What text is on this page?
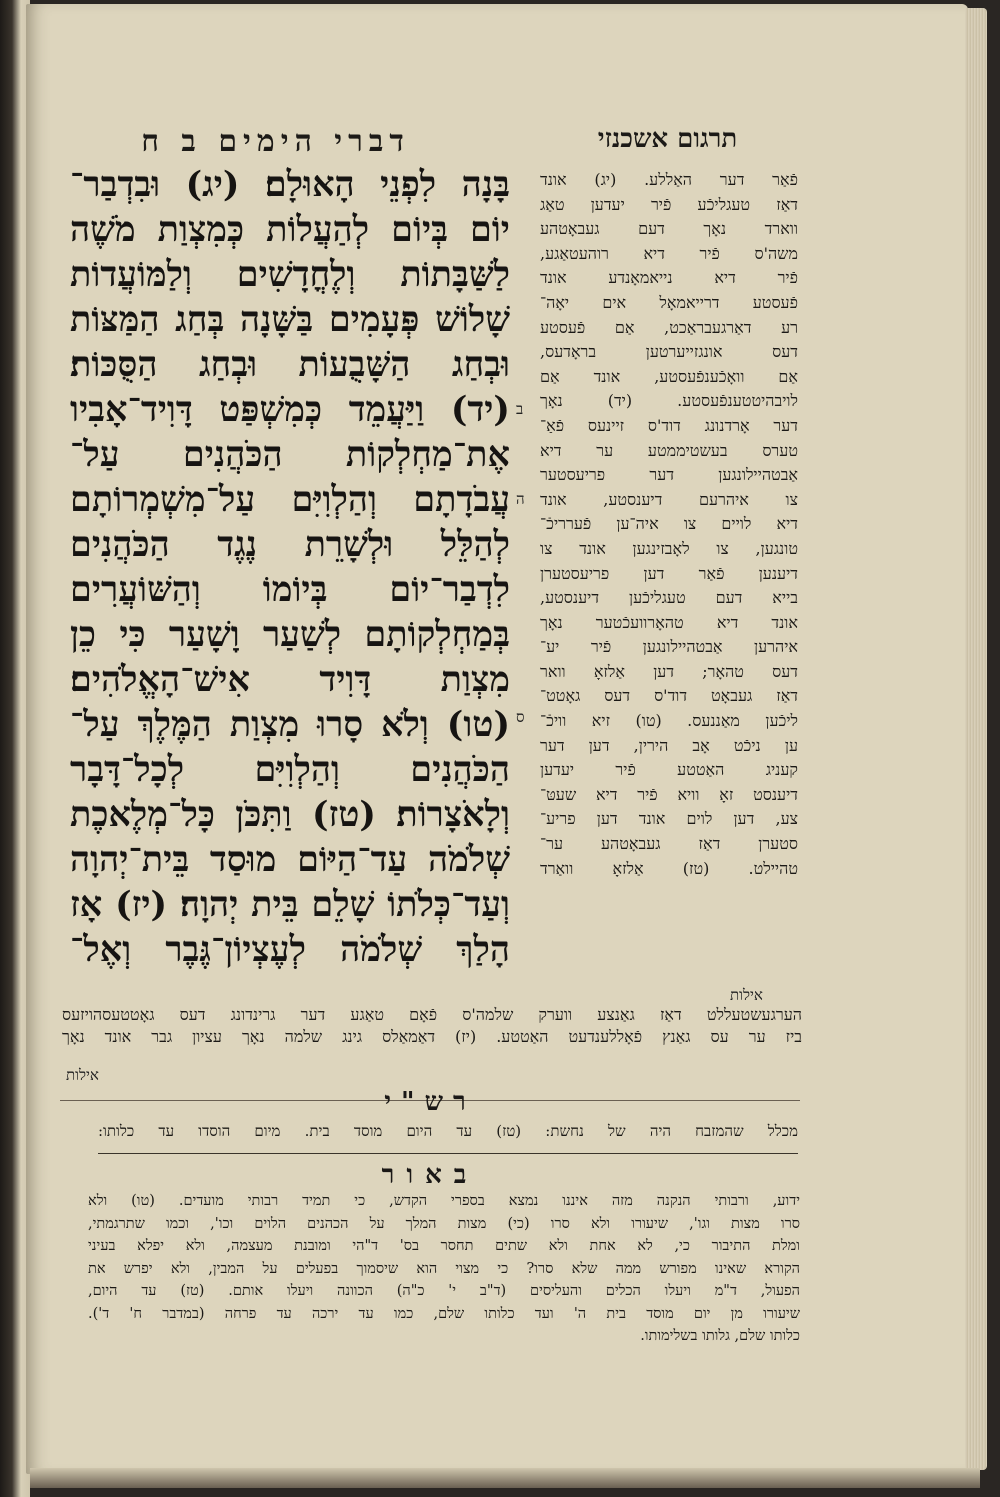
דברי הימים ב ח	תרגום אשכנזי
בָּנָה לִפְנֵי הָאוּלָם׃ (יג) וּבִדְבַר־
יוֹם בְּיוֹם לְהַעֲלוֹת כְּמִצְוַת מֹשֶׁה
לַשַּׁבָּתוֹת וְלֶחֳדָשִׁים וְלַמּוֹעֲדוֹת
שָׁלוֹשׁ פְּעָמִים בַּשָּׁנָה בְּחַג הַמַּצּוֹת
וּבְחַג הַשָּׁבֻעוֹת וּבְחַג הַסֻּכּוֹת׃
(יד) וַיַּעֲמֵד כְּמִשְׁפַּט דָּוִיד־אָבִיו
אֶת־מַחְלְקוֹת הַכֹּהֲנִים עַל־
עֲבֹדָתָם וְהַלְוִיִּם עַל־מִשְׁמְרוֹתָם
לְהַלֵּל וּלְשָׁרֵת נֶגֶד הַכֹּהֲנִים
לִדְבַר־יוֹם בְּיוֹמוֹ וְהַשּׁוֹעֲרִים
בְּמַחְלְקוֹתָם לְשַׁעַר וָשָׁעַר כִּי כֵן
מִצְוַת דָּוִיד אִישׁ־הָאֱלֹהִים׃
(טו) וְלֹא סָרוּ מִצְוַת הַמֶּלֶךְ עַל־
הַכֹּהֲנִים וְהַלְוִיִּם לְכָל־דָּבָר
וְלָאֹצָרוֹת׃ (טז) וַתִּכֹּן כָּל־מְלֶאכֶת
שְׁלֹמֹה עַד־הַיּוֹם מוּסַד בֵּית־יְהוָה
וְעַד־כְּלֹתוֹ שָׁלֵם בֵּית יְהוָה׃ (יז) אָז
הָלַךְ שְׁלֹמֹה לְעֶצְיוֹן־גֶּבֶר וְאֶל־
ב
ה
ס
פֿאַר דער האַללע. (יג) אונד
דאַז טעגליכֿע פֿיר יעדען טאַג
ווארד נאָך דעם געבאָטהע
משה'ס פֿיר דיא רוהעטאַגע,
פֿיר דיא נייאמאָנדע אונד
פֿעסטע דרייאמאָל אים יאָה־
רע דאַרגעבראַכט, אַם פֿעסטע
דעס אונגזייערטען בראָדעס,
אַם וואָכֿענפֿעסטע, אונד אַם
לויבהיטטענפֿעסטע. (יד) נאָך
דער אָרדנונג דוד'ס זיינעס פֿאַ־
טערס בעשטיממטע ער דיא
אַבטהיילונגען דער פריעסטער
צו איהרעם דיענסטע, אונד
דיא לויים צו איה־ען פֿערריכֿ־
טונגען, צו לאָבזינגען אונד צו
דיענען פֿאַר דען פריעסטערן
בייא דעם טעגליכֿען דיענסטע,
אונד דיא טהאָרוועכֿטער נאָך
איהרען אַבטהיילונגען פֿיר יע־
דעס טהאָר; דען אַלזאָ וואר
דאַז געבאָט דוד'ס דעס גאָטט־
ליכֿען מאַננעס. (טו) זיא וויכֿ־
ען ניכֿט אָב הירין, דען דער
קעניג האַטטע פֿיר יעדען
דיענסט זאָ וויא פֿיר דיא שעטּ־
צע, דען לוים אונד דען פריע־
סטערן דאַז געבאָטהע ער־
טהיילט. (טז) אַלזאָ וואַרד
אילות
הערגעשטעללט דאַז גאַנצע ווערק שלמה'ס פֿאָם טאַגע דער גרינדונג דעס גאָטטעסהויזעס
ביז ער עס גאַנץ פֿאָללענדעט האַטטע. (יז) דאַמאַלס גינג שלמה נאָך עציון גבר אונד נאָך
אילות
רש"י
מכלל שהמזבח היה של נחשת: (טז) עד היום מוסד בית. מיום הוסדו עד כלותו:
באור
ידוע, ורבותי הנקנה מזה איננו נמצא בספרי הקדש, כי תמיד רבותי מועדים. (טו) ולא
סרו מצות וגו', שיעורו ולא סרו (כי) מצות המלך על הכהנים הלוים וכו', וכמו שתרגמתי,
ומלת התיבור כי, לא אחת ולא שתים תחסר בס' ד"הי ומובנת מעצמה, ולא יפלא בעיני
הקורא שאינו מפורש ממה שלא סרו? כי מצוי הוא שיסמוך בפעלים על המבין, ולא יפרש את
הפעול, ד"מ ויעלו הכלים והעליסים (ד"ב י' כ"ה) הכוונה ויעלו אותם. (טז) עד היום,
שיעורו מן יום מוסד בית ה' ועד כלותו שלם, כמו עד ירכה עד פרחה (במדבר ח' ד').
כלותו שלם, גלותו בשלימותו.
